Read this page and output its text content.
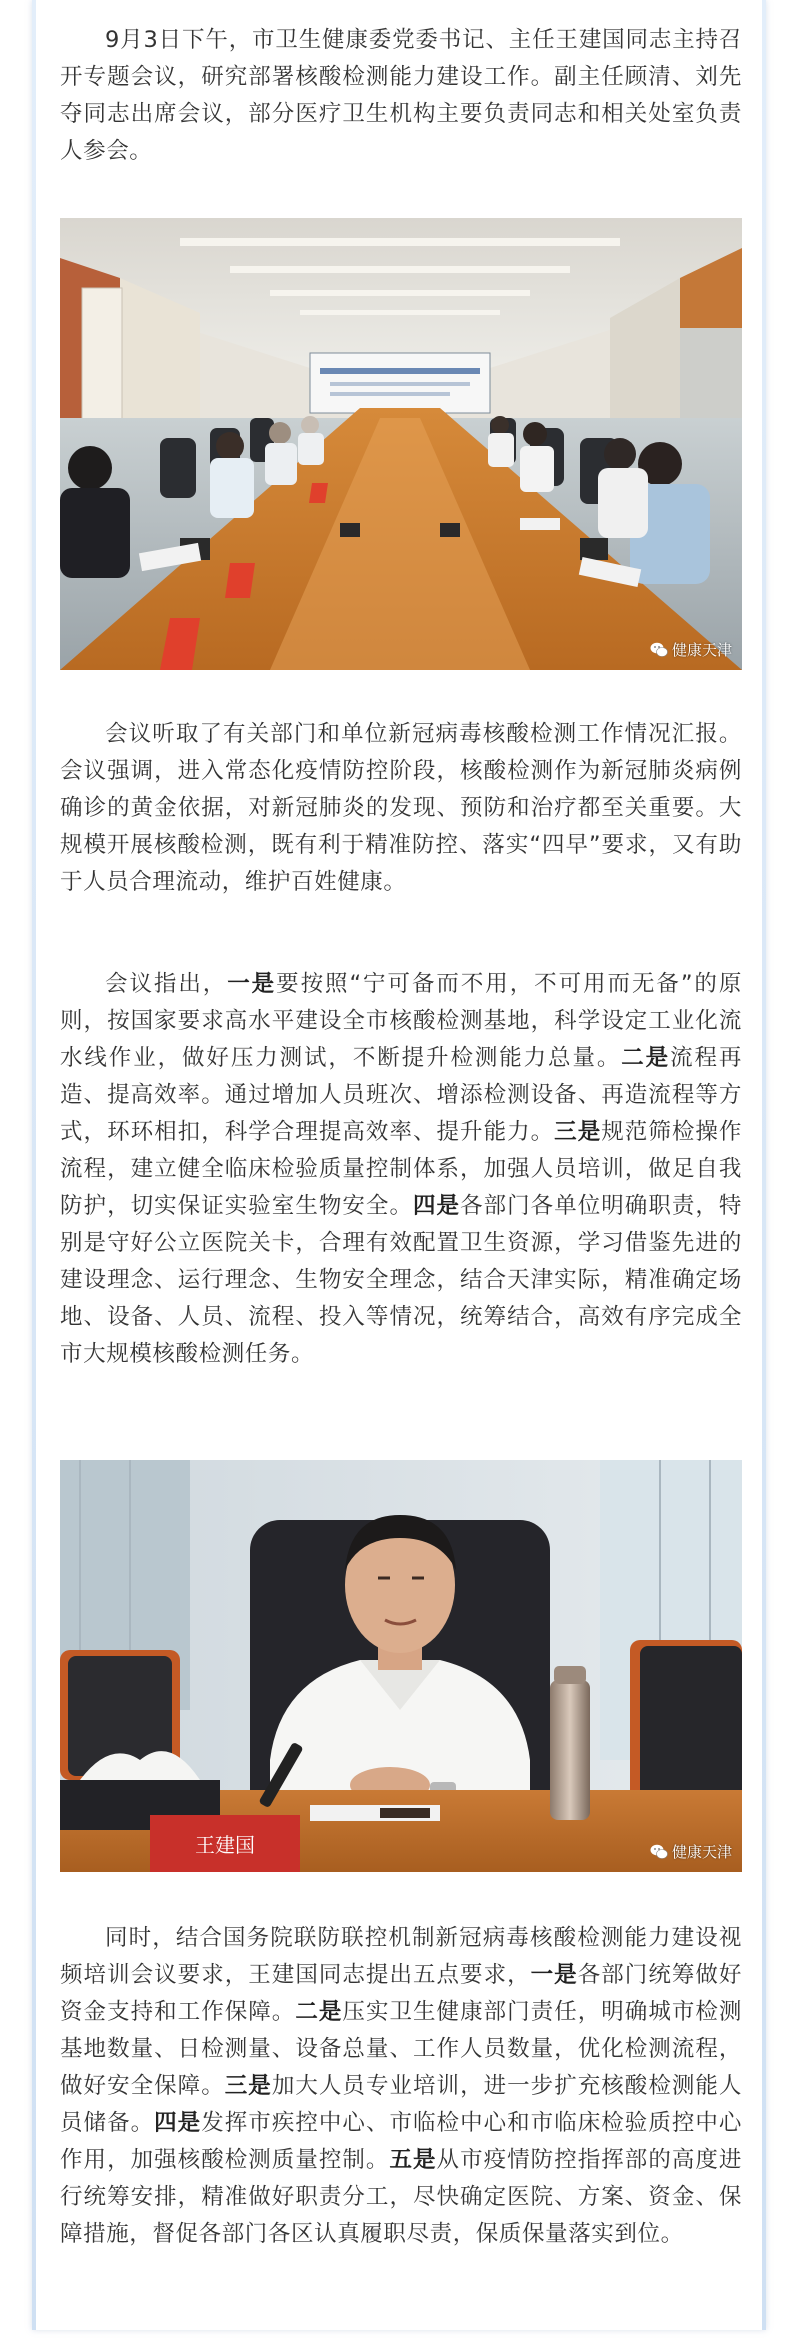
9月3日下午，市卫生健康委党委书记、主任王建国同志主持召开专题会议，研究部署核酸检测能力建设工作。副主任顾清、刘先夺同志出席会议，部分医疗卫生机构主要负责同志和相关处室负责人参会。

健康天津

会议听取了有关部门和单位新冠病毒核酸检测工作情况汇报。会议强调，进入常态化疫情防控阶段，核酸检测作为新冠肺炎病例确诊的黄金依据，对新冠肺炎的发现、预防和治疗都至关重要。大规模开展核酸检测，既有利于精准防控、落实“四早”要求，又有助于人员合理流动，维护百姓健康。

会议指出，一是要按照“宁可备而不用，不可用而无备”的原则，按国家要求高水平建设全市核酸检测基地，科学设定工业化流水线作业，做好压力测试，不断提升检测能力总量。二是流程再造、提高效率。通过增加人员班次、增添检测设备、再造流程等方式，环环相扣，科学合理提高效率、提升能力。三是规范筛检操作流程，建立健全临床检验质量控制体系，加强人员培训，做足自我防护，切实保证实验室生物安全。四是各部门各单位明确职责，特别是守好公立医院关卡，合理有效配置卫生资源，学习借鉴先进的建设理念、运行理念、生物安全理念，结合天津实际，精准确定场地、设备、人员、流程、投入等情况，统筹结合，高效有序完成全市大规模核酸检测任务。

王建国	健康天津

同时，结合国务院联防联控机制新冠病毒核酸检测能力建设视频培训会议要求，王建国同志提出五点要求，一是各部门统筹做好资金支持和工作保障。二是压实卫生健康部门责任，明确城市检测基地数量、日检测量、设备总量、工作人员数量，优化检测流程，做好安全保障。三是加大人员专业培训，进一步扩充核酸检测能人员储备。四是发挥市疾控中心、市临检中心和市临床检验质控中心作用，加强核酸检测质量控制。五是从市疫情防控指挥部的高度进行统筹安排，精准做好职责分工，尽快确定医院、方案、资金、保障措施，督促各部门各区认真履职尽责，保质保量落实到位。
